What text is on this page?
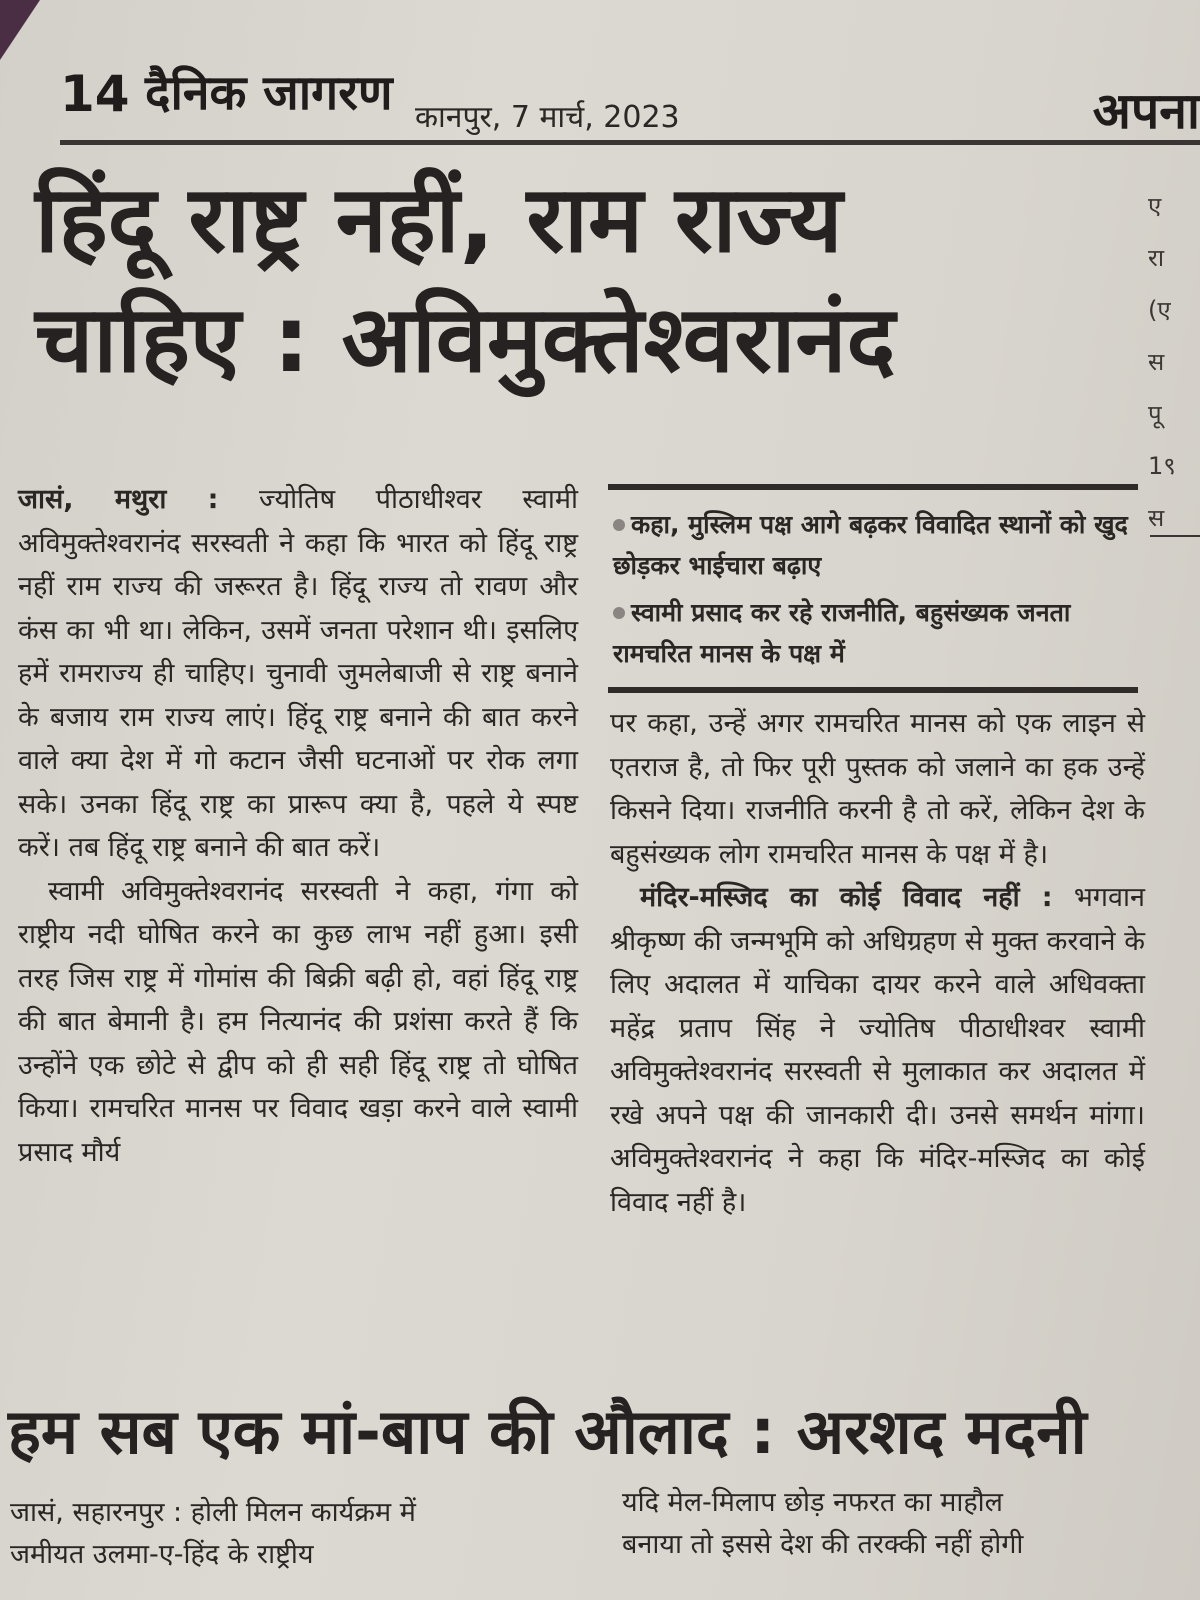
14 दैनिक जागरण कानपुर, 7 मार्च, 2023	अपना
हिंदू राष्ट्र नहीं, राम राज्य
चाहिए : अविमुक्तेश्वरानंद
ए
रा
(ए
स
पू
1९
स

जासं, मथुरा : ज्योतिष पीठाधीश्वर स्वामी अविमुक्तेश्वरानंद सरस्वती ने कहा कि भारत को हिंदू राष्ट्र नहीं राम राज्य की जरूरत है। हिंदू राज्य तो रावण और कंस का भी था। लेकिन, उसमें जनता परेशान थी। इसलिए हमें रामराज्य ही चाहिए। चुनावी जुमलेबाजी से राष्ट्र बनाने के बजाय राम राज्य लाएं। हिंदू राष्ट्र बनाने की बात करने वाले क्या देश में गो कटान जैसी घटनाओं पर रोक लगा सके। उनका हिंदू राष्ट्र का प्रारूप क्या है, पहले ये स्पष्ट करें। तब हिंदू राष्ट्र बनाने की बात करें।

स्वामी अविमुक्तेश्वरानंद सरस्वती ने कहा, गंगा को राष्ट्रीय नदी घोषित करने का कुछ लाभ नहीं हुआ। इसी तरह जिस राष्ट्र में गोमांस की बिक्री बढ़ी हो, वहां हिंदू राष्ट्र की बात बेमानी है। हम नित्यानंद की प्रशंसा करते हैं कि उन्होंने एक छोटे से द्वीप को ही सही हिंदू राष्ट्र तो घोषित किया। रामचरित मानस पर विवाद खड़ा करने वाले स्वामी प्रसाद मौर्य

कहा, मुस्लिम पक्ष आगे बढ़कर विवादित स्थानों को खुद छोड़कर भाईचारा बढ़ाए
स्वामी प्रसाद कर रहे राजनीति, बहुसंख्यक जनता रामचरित मानस के पक्ष में

पर कहा, उन्हें अगर रामचरित मानस को एक लाइन से एतराज है, तो फिर पूरी पुस्तक को जलाने का हक उन्हें किसने दिया। राजनीति करनी है तो करें, लेकिन देश के बहुसंख्यक लोग रामचरित मानस के पक्ष में है।

मंदिर-मस्जिद का कोई विवाद नहीं : भगवान श्रीकृष्ण की जन्मभूमि को अधिग्रहण से मुक्त करवाने के लिए अदालत में याचिका दायर करने वाले अधिवक्ता महेंद्र प्रताप सिंह ने ज्योतिष पीठाधीश्वर स्वामी अविमुक्तेश्वरानंद सरस्वती से मुलाकात कर अदालत में रखे अपने पक्ष की जानकारी दी। उनसे समर्थन मांगा। अविमुक्तेश्वरानंद ने कहा कि मंदिर-मस्जिद का कोई विवाद नहीं है।

हम सब एक मां-बाप की औलाद : अरशद मदनी
जासं, सहारनपुर : होली मिलन कार्यक्रम में
जमीयत उलमा-ए-हिंद के राष्ट्रीय
यदि मेल-मिलाप छोड़ नफरत का माहौल
बनाया तो इससे देश की तरक्की नहीं होगी
